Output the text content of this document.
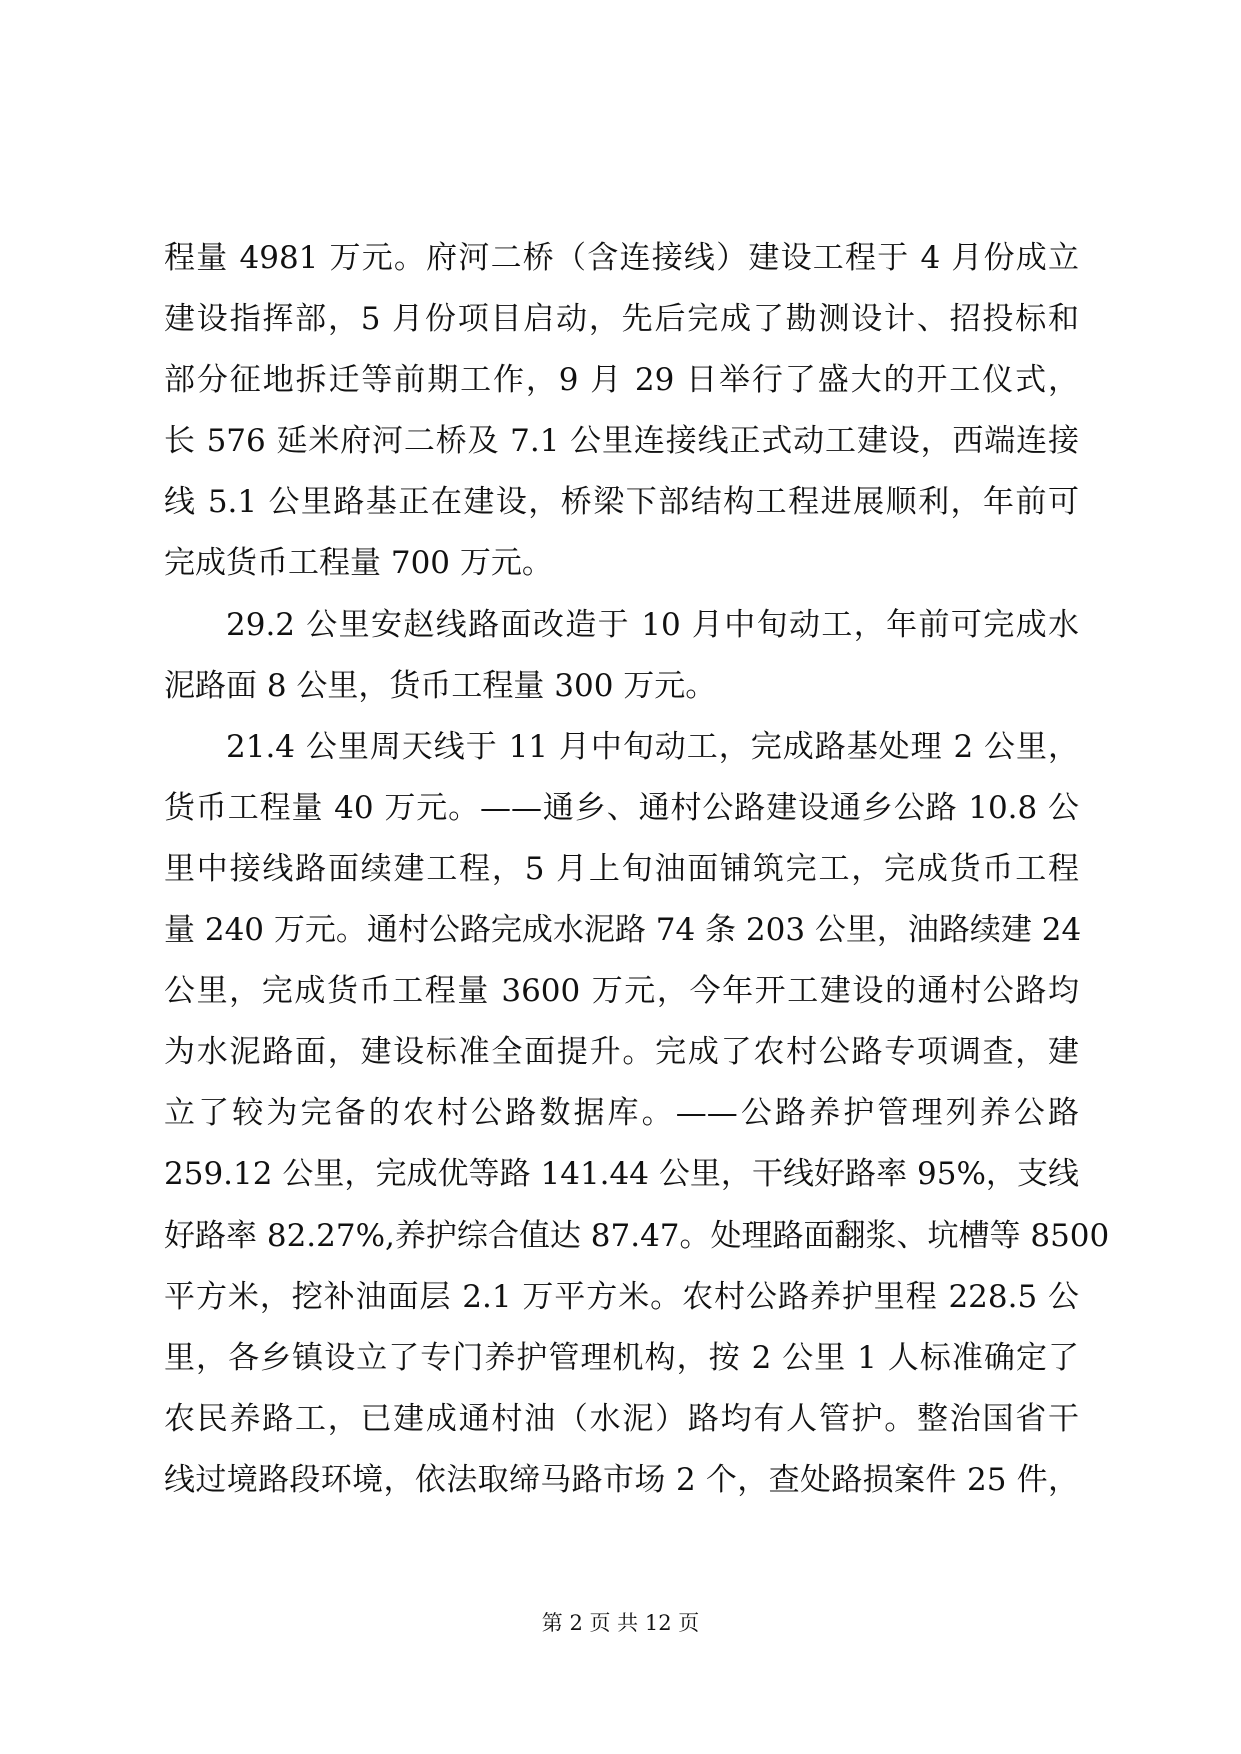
程量 4981 万元。府河二桥（含连接线）建设工程于 4 月份成立
建设指挥部，5 月份项目启动，先后完成了勘测设计、招投标和
部分征地拆迁等前期工作，9 月 29 日举行了盛大的开工仪式，
长 576 延米府河二桥及 7.1 公里连接线正式动工建设，西端连接
线 5.1 公里路基正在建设，桥梁下部结构工程进展顺利，年前可
完成货币工程量 700 万元。
29.2 公里安赵线路面改造于 10 月中旬动工，年前可完成水
泥路面 8 公里，货币工程量 300 万元。
21.4 公里周天线于 11 月中旬动工，完成路基处理 2 公里，
货币工程量 40 万元。——通乡、通村公路建设通乡公路 10.8 公
里中接线路面续建工程，5 月上旬油面铺筑完工，完成货币工程
量 240 万元。通村公路完成水泥路 74 条 203 公里，油路续建 24
公里，完成货币工程量 3600 万元，今年开工建设的通村公路均
为水泥路面，建设标准全面提升。完成了农村公路专项调查，建
立了较为完备的农村公路数据库。——公路养护管理列养公路
259.12 公里，完成优等路 141.44 公里，干线好路率 95%，支线
好路率 82.27%,养护综合值达 87.47。处理路面翻浆、坑槽等 8500
平方米，挖补油面层 2.1 万平方米。农村公路养护里程 228.5 公
里，各乡镇设立了专门养护管理机构，按 2 公里 1 人标准确定了
农民养路工，已建成通村油（水泥）路均有人管护。整治国省干
线过境路段环境，依法取缔马路市场 2 个，查处路损案件 25 件，
第 2 页 共 12 页
